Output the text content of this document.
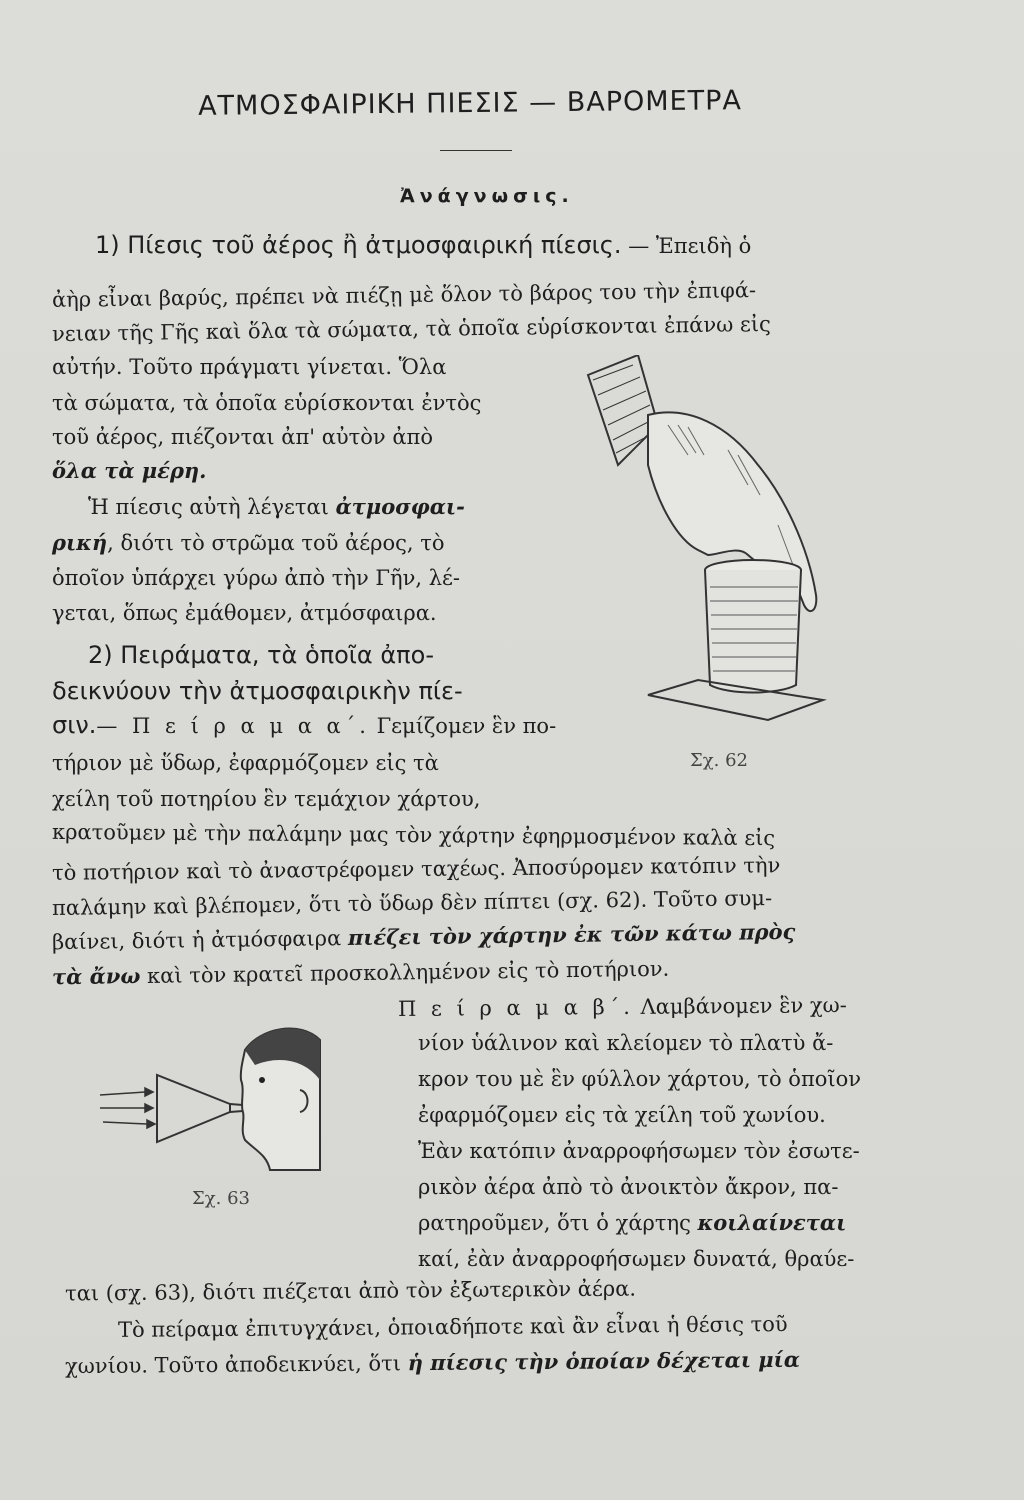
ΑΤΜΟΣΦΑΙΡΙΚΗ ΠΙΕΣΙΣ — ΒΑΡΟΜΕΤΡΑ
Ἀνάγνωσις.
1) Πίεσις τοῦ ἀέρος ἢ ἀτμοσφαιρική πίεσις. — Ἐπειδὴ ὁ
ἀὴρ εἶναι βαρύς, πρέπει νὰ πιέζῃ μὲ ὅλον τὸ βάρος του τὴν ἐπιφά-
νειαν τῆς Γῆς καὶ ὅλα τὰ σώματα, τὰ ὁποῖα εὑρίσκονται ἐπάνω εἰς
αὐτήν. Τοῦτο πράγματι γίνεται. Ὅλα
τὰ σώματα, τὰ ὁποῖα εὑρίσκονται ἐντὸς
τοῦ ἀέρος, πιέζονται ἀπ' αὐτὸν ἀπὸ
ὅλα τὰ μέρη.
Ἡ πίεσις αὐτὴ λέγεται ἀτμοσφαι-
ρική, διότι τὸ στρῶμα τοῦ ἀέρος, τὸ
ὁποῖον ὑπάρχει γύρω ἀπὸ τὴν Γῆν, λέ-
γεται, ὅπως ἐμάθομεν, ἀτμόσφαιρα.
2) Πειράματα, τὰ ὁποῖα ἀπο-
δεικνύουν τὴν ἀτμοσφαιρικὴν πίε-
σιν.— Π ε ί ρ α μ α α΄. Γεμίζομεν ἓν πο-
τήριον μὲ ὕδωρ, ἐφαρμόζομεν εἰς τὰ
χείλη τοῦ ποτηρίου ἓν τεμάχιον χάρτου,
κρατοῦμεν μὲ τὴν παλάμην μας τὸν χάρτην ἐφηρμοσμένον καλὰ εἰς
τὸ ποτήριον καὶ τὸ ἀναστρέφομεν ταχέως. Ἀποσύρομεν κατόπιν τὴν
παλάμην καὶ βλέπομεν, ὅτι τὸ ὕδωρ δὲν πίπτει (σχ. 62). Τοῦτο συμ-
βαίνει, διότι ἡ ἀτμόσφαιρα πιέζει τὸν χάρτην ἐκ τῶν κάτω πρὸς
τὰ ἄνω καὶ τὸν κρατεῖ προσκολλημένον εἰς τὸ ποτήριον.
Π ε ί ρ α μ α β΄. Λαμβάνομεν ἓν χω-
νίον ὑάλινον καὶ κλείομεν τὸ πλατὺ ἄ-
κρον του μὲ ἓν φύλλον χάρτου, τὸ ὁποῖον
ἐφαρμόζομεν εἰς τὰ χείλη τοῦ χωνίου.
Ἐὰν κατόπιν ἀναρροφήσωμεν τὸν ἐσωτε-
ρικὸν ἀέρα ἀπὸ τὸ ἀνοικτὸν ἄκρον, πα-
ρατηροῦμεν, ὅτι ὁ χάρτης κοιλαίνεται
καί, ἐὰν ἀναρροφήσωμεν δυνατά, θραύε-
ται (σχ. 63), διότι πιέζεται ἀπὸ τὸν ἐξωτερικὸν ἀέρα.
Τὸ πείραμα ἐπιτυγχάνει, ὁποιαδήποτε καὶ ἂν εἶναι ἡ θέσις τοῦ
χωνίου. Τοῦτο ἀποδεικνύει, ὅτι ἡ πίεσις τὴν ὁποίαν δέχεται μία
Σχ. 62
Σχ. 63
